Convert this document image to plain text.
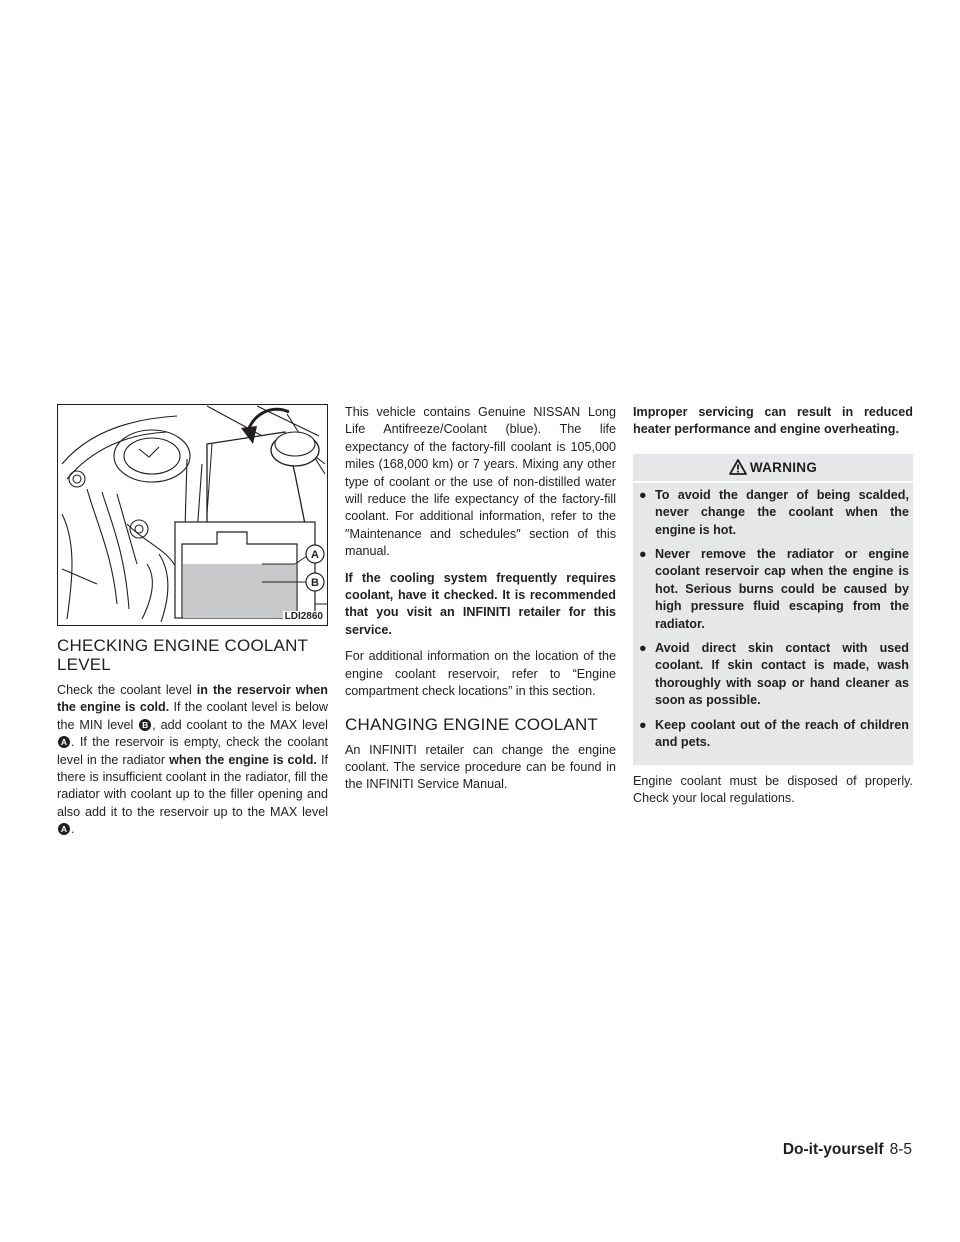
A
B
LDI2860
CHECKING ENGINE COOLANT LEVEL

Check the coolant level in the reservoir when the engine is cold. If the coolant level is below the MIN level B , add coolant to the MAX level A . If the reservoir is empty, check the coolant level in the radiator when the engine is cold. If there is insufficient coolant in the radiator, fill the radiator with coolant up to the filler opening and also add it to the reservoir up to the MAX level A .

This vehicle contains Genuine NISSAN Long Life Antifreeze/Coolant (blue). The life expectancy of the factory-fill coolant is 105,000 miles (168,000 km) or 7 years. Mixing any other type of coolant or the use of non-distilled water will reduce the life expectancy of the factory-fill coolant. For additional information, refer to the ″Maintenance and schedules″ section of this manual.

If the cooling system frequently requires coolant, have it checked. It is recommended that you visit an INFINITI retailer for this service.

For additional information on the location of the engine coolant reservoir, refer to “Engine compartment check locations” in this section.

CHANGING ENGINE COOLANT

An INFINITI retailer can change the engine coolant. The service procedure can be found in the INFINITI Service Manual.

Improper servicing can result in reduced heater performance and engine overheating.

WARNING
● To avoid the danger of being scalded, never change the coolant when the engine is hot.
● Never remove the radiator or engine coolant reservoir cap when the engine is hot. Serious burns could be caused by high pressure fluid escaping from the radiator.
● Avoid direct skin contact with used coolant. If skin contact is made, wash thoroughly with soap or hand cleaner as soon as possible.
● Keep coolant out of the reach of children and pets.

Engine coolant must be disposed of properly. Check your local regulations.

Do-it-yourself 8-5
